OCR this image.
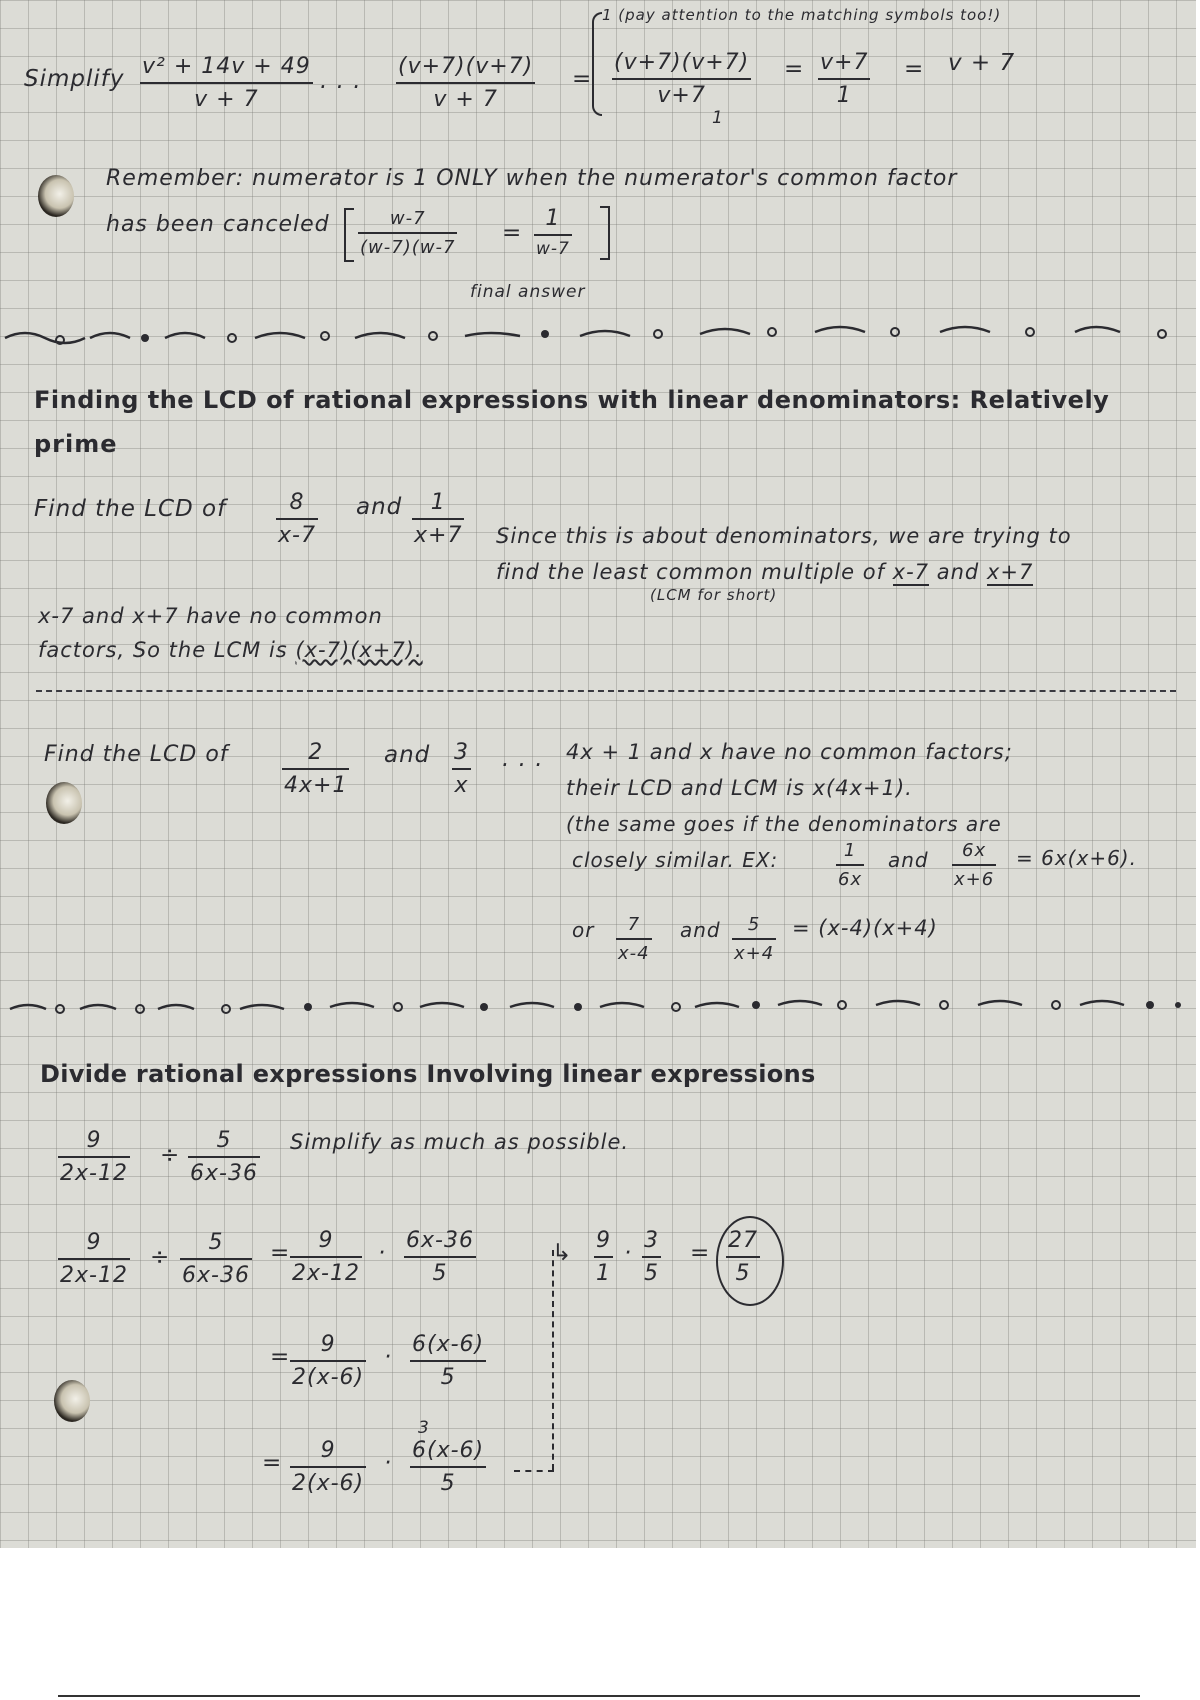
Simplify v² + 14v + 49
v + 7
. . .
(v+7)(v+7)
v + 7
=
1 (pay attention to the matching symbols too!)
(v+7)(v+7)
v+7
1
= v+7
1
= v + 7
Remember: numerator is 1 ONLY when the numerator's common factor
has been canceled	w-7
(w-7)(w-7
=
1
w-7
final answer
Finding the LCD of rational expressions with linear denominators: Relatively
prime
Find the LCD of	8
x-7
and 1
x+7 Since this is about denominators, we are trying to
find the least common multiple of x-7 and x+7
(LCM for short)
x-7 and x+7 have no common
factors, So the LCM is (x-7)(x+7).
Find the LCD of	2
4x+1
and 3
x
. . . 4x + 1 and x have no common factors;
their LCD and LCM is x(4x+1).
(the same goes if the denominators are
closely similar. EX:	1
6x
and 6x
x+6
= 6x(x+6).
or 7
x-4
and 5
x+4
= (x-4)(x+4)
Divide rational expressions Involving linear expressions
9
2x-12
÷
5
6x-36
Simplify as much as possible.
9
2x-12
÷
5
6x-36
= 9
2x-12
· 6x-36
5
= 9
2(x-6)
· 6(x-6)
5
3
= 9
2(x-6)
· 6(x-6)
5
↳ 9
1
· 3
5
= 27
5
